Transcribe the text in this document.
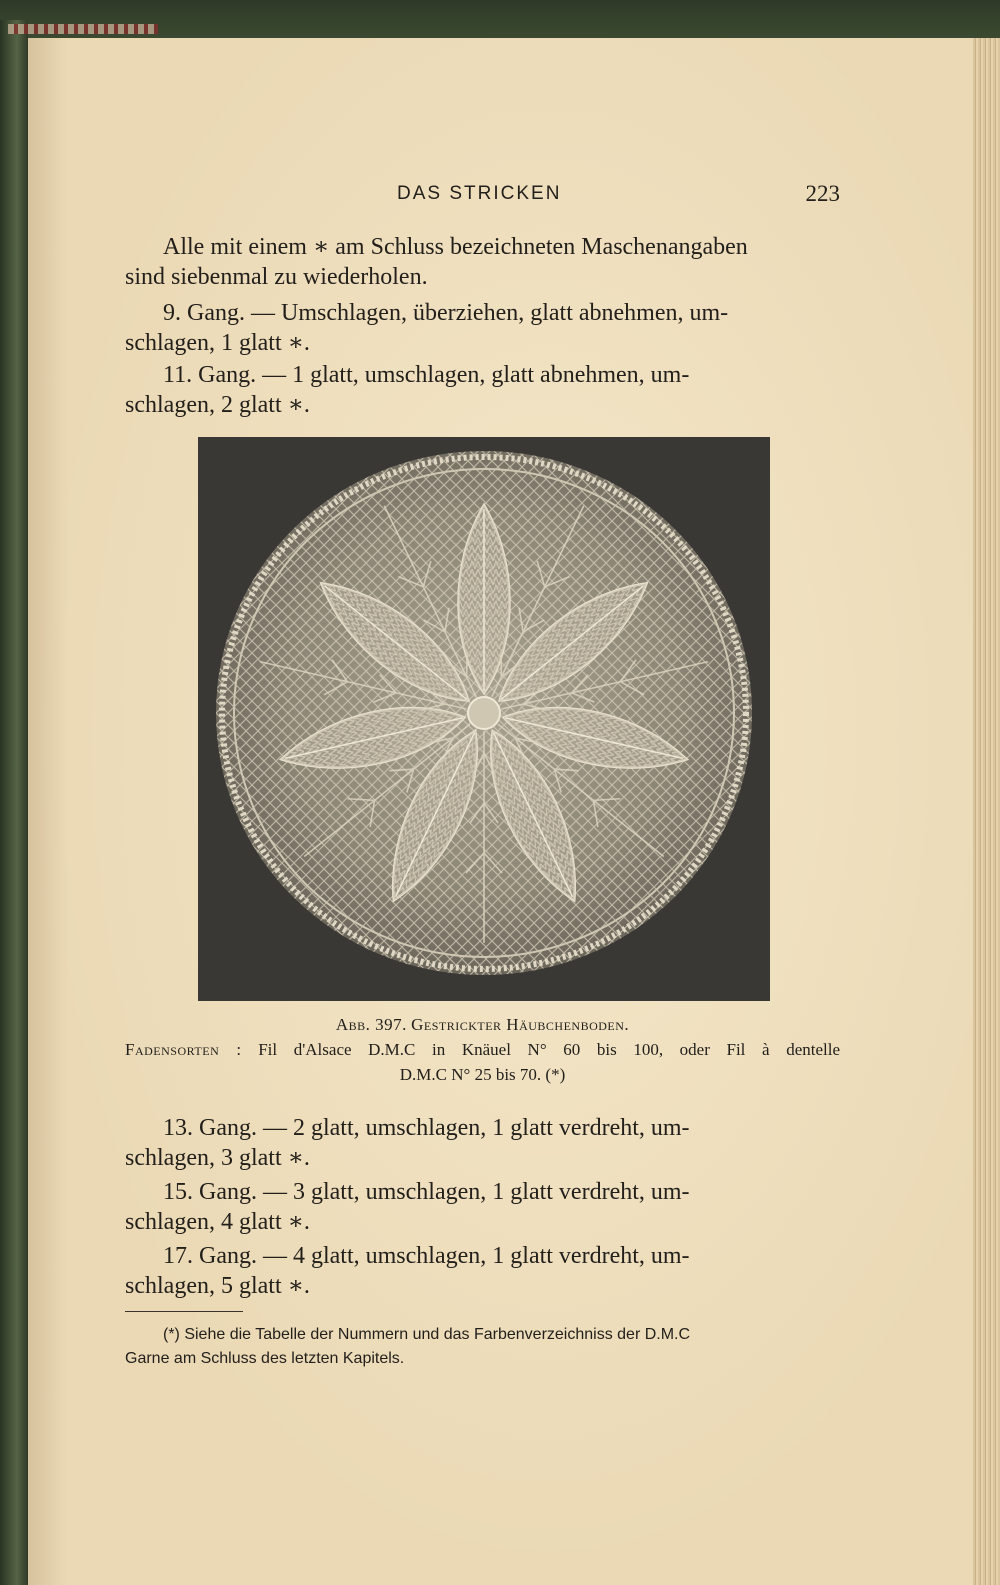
DAS STRICKEN	223

Alle mit einem ∗ am Schluss bezeichneten Maschenangaben

sind siebenmal zu wiederholen.

9. Gang. — Umschlagen, überziehen, glatt abnehmen, um-

schlagen, 1 glatt ∗.

11. Gang. — 1 glatt, umschlagen, glatt abnehmen, um-

schlagen, 2 glatt ∗.

Abb. 397. Gestrickter Häubchenboden.
Fadensorten : Fil d'Alsace D.M.C in Knäuel N° 60 bis 100, oder Fil à dentelle
D.M.C N° 25 bis 70. (*)

13. Gang. — 2 glatt, umschlagen, 1 glatt verdreht, um-

schlagen, 3 glatt ∗.

15. Gang. — 3 glatt, umschlagen, 1 glatt verdreht, um-

schlagen, 4 glatt ∗.

17. Gang. — 4 glatt, umschlagen, 1 glatt verdreht, um-

schlagen, 5 glatt ∗.

(*) Siehe die Tabelle der Nummern und das Farbenverzeichniss der D.M.C
Garne am Schluss des letzten Kapitels.
